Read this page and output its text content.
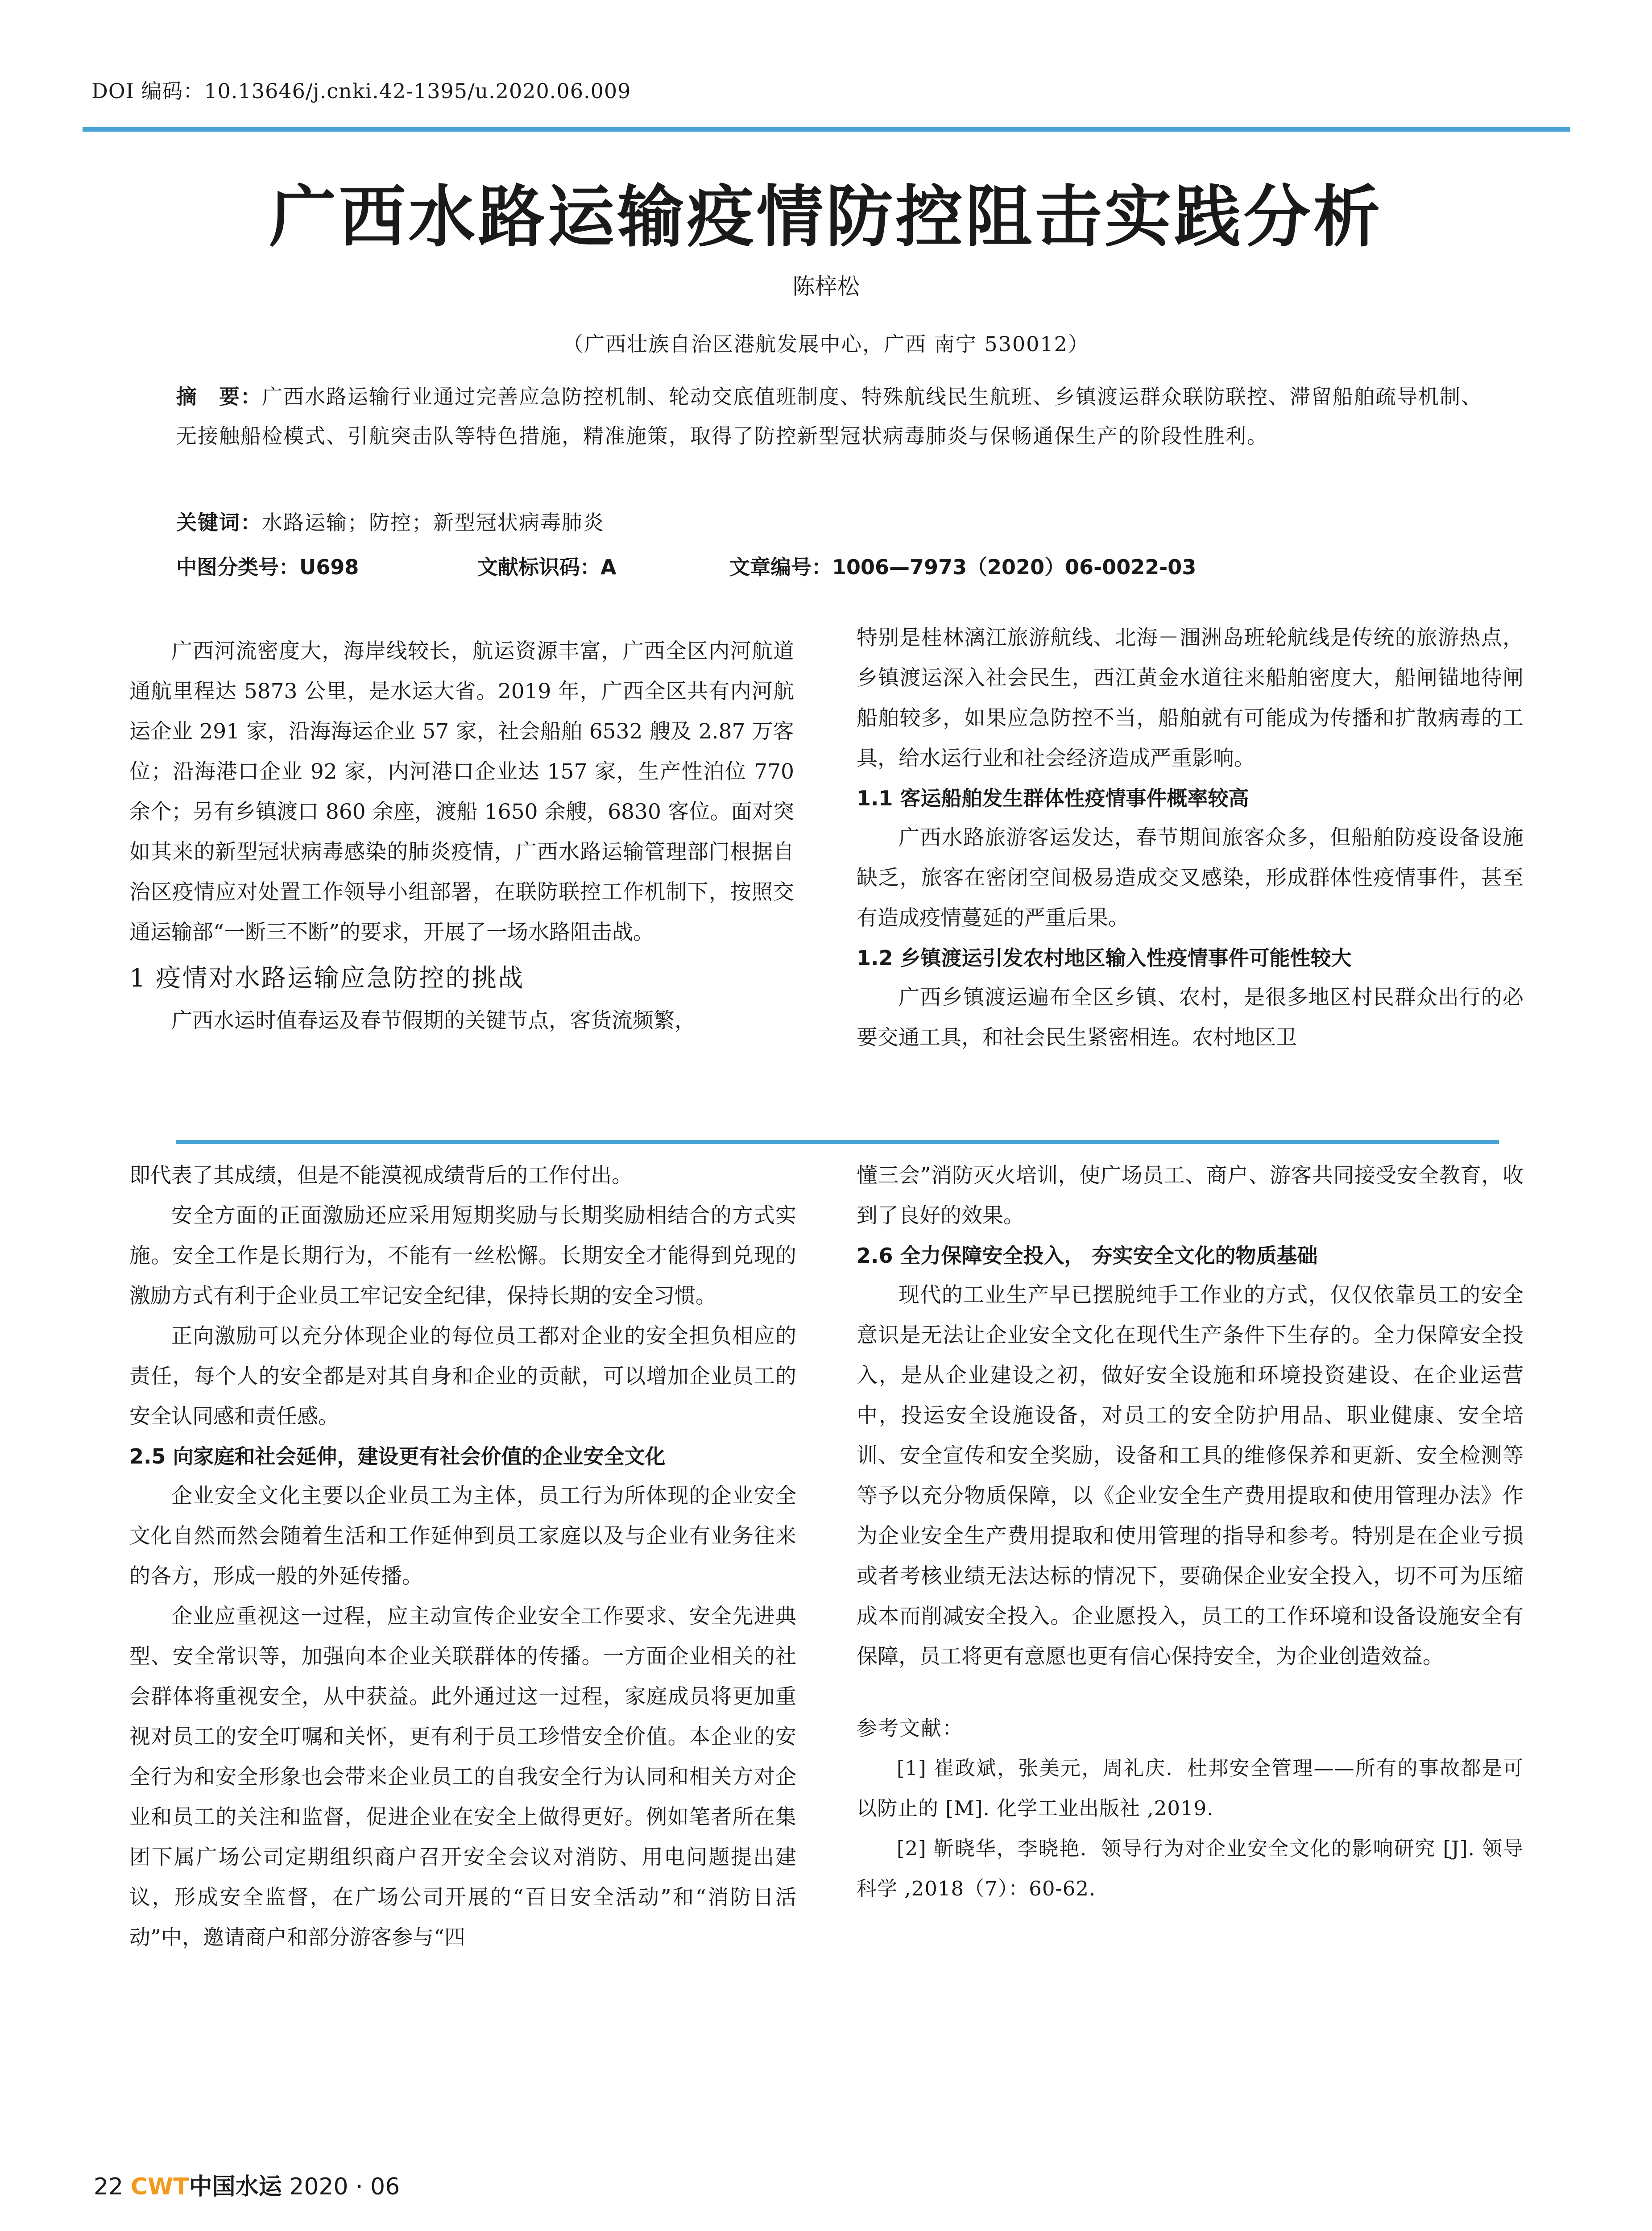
DOI 编码：10.13646/j.cnki.42-1395/u.2020.06.009
广西水路运输疫情防控阻击实践分析
陈梓松
（广西壮族自治区港航发展中心，广西 南宁 530012）
摘　要：广西水路运输行业通过完善应急防控机制、轮动交底值班制度、特殊航线民生航班、乡镇渡运群众联防联控、滞留船舶疏导机制、无接触船检模式、引航突击队等特色措施，精准施策，取得了防控新型冠状病毒肺炎与保畅通保生产的阶段性胜利。
关键词：水路运输；防控；新型冠状病毒肺炎
中图分类号：U698	文献标识码：A	文章编号：1006—7973（2020）06-0022-03

广西河流密度大，海岸线较长，航运资源丰富，广西全区内河航道通航里程达 5873 公里，是水运大省。2019 年，广西全区共有内河航运企业 291 家，沿海海运企业 57 家，社会船舶 6532 艘及 2.87 万客位；沿海港口企业 92 家，内河港口企业达 157 家，生产性泊位 770 余个；另有乡镇渡口 860 余座，渡船 1650 余艘，6830 客位。面对突如其来的新型冠状病毒感染的肺炎疫情，广西水路运输管理部门根据自治区疫情应对处置工作领导小组部署，在联防联控工作机制下，按照交通运输部“一断三不断”的要求，开展了一场水路阻击战。

1 疫情对水路运输应急防控的挑战

广西水运时值春运及春节假期的关键节点，客货流频繁，

特别是桂林漓江旅游航线、北海－涠洲岛班轮航线是传统的旅游热点，乡镇渡运深入社会民生，西江黄金水道往来船舶密度大，船闸锚地待闸船舶较多，如果应急防控不当，船舶就有可能成为传播和扩散病毒的工具，给水运行业和社会经济造成严重影响。

1.1 客运船舶发生群体性疫情事件概率较高

广西水路旅游客运发达，春节期间旅客众多，但船舶防疫设备设施缺乏，旅客在密闭空间极易造成交叉感染，形成群体性疫情事件，甚至有造成疫情蔓延的严重后果。

1.2 乡镇渡运引发农村地区输入性疫情事件可能性较大

广西乡镇渡运遍布全区乡镇、农村，是很多地区村民群众出行的必要交通工具，和社会民生紧密相连。农村地区卫

即代表了其成绩，但是不能漠视成绩背后的工作付出。

安全方面的正面激励还应采用短期奖励与长期奖励相结合的方式实施。安全工作是长期行为，不能有一丝松懈。长期安全才能得到兑现的激励方式有利于企业员工牢记安全纪律，保持长期的安全习惯。

正向激励可以充分体现企业的每位员工都对企业的安全担负相应的责任，每个人的安全都是对其自身和企业的贡献，可以增加企业员工的安全认同感和责任感。

2.5 向家庭和社会延伸，建设更有社会价值的企业安全文化

企业安全文化主要以企业员工为主体，员工行为所体现的企业安全文化自然而然会随着生活和工作延伸到员工家庭以及与企业有业务往来的各方，形成一般的外延传播。

企业应重视这一过程，应主动宣传企业安全工作要求、安全先进典型、安全常识等，加强向本企业关联群体的传播。一方面企业相关的社会群体将重视安全，从中获益。此外通过这一过程，家庭成员将更加重视对员工的安全叮嘱和关怀，更有利于员工珍惜安全价值。本企业的安全行为和安全形象也会带来企业员工的自我安全行为认同和相关方对企业和员工的关注和监督，促进企业在安全上做得更好。例如笔者所在集团下属广场公司定期组织商户召开安全会议对消防、用电问题提出建议，形成安全监督，在广场公司开展的“百日安全活动”和“消防日活动”中，邀请商户和部分游客参与“四

懂三会”消防灭火培训，使广场员工、商户、游客共同接受安全教育，收到了良好的效果。

2.6 全力保障安全投入， 夯实安全文化的物质基础

现代的工业生产早已摆脱纯手工作业的方式，仅仅依靠员工的安全意识是无法让企业安全文化在现代生产条件下生存的。全力保障安全投入，是从企业建设之初，做好安全设施和环境投资建设、在企业运营中，投运安全设施设备，对员工的安全防护用品、职业健康、安全培训、安全宣传和安全奖励，设备和工具的维修保养和更新、安全检测等等予以充分物质保障，以《企业安全生产费用提取和使用管理办法》作为企业安全生产费用提取和使用管理的指导和参考。特别是在企业亏损或者考核业绩无法达标的情况下，要确保企业安全投入，切不可为压缩成本而削减安全投入。企业愿投入，员工的工作环境和设备设施安全有保障，员工将更有意愿也更有信心保持安全，为企业创造效益。

参考文献：

[1] 崔政斌，张美元，周礼庆．杜邦安全管理——所有的事故都是可以防止的 [M]. 化学工业出版社 ,2019.

[2] 靳晓华，李晓艳．领导行为对企业安全文化的影响研究 [J]. 领导科学 ,2018（7）：60-62.

22 CWT中国水运 2020 · 06
